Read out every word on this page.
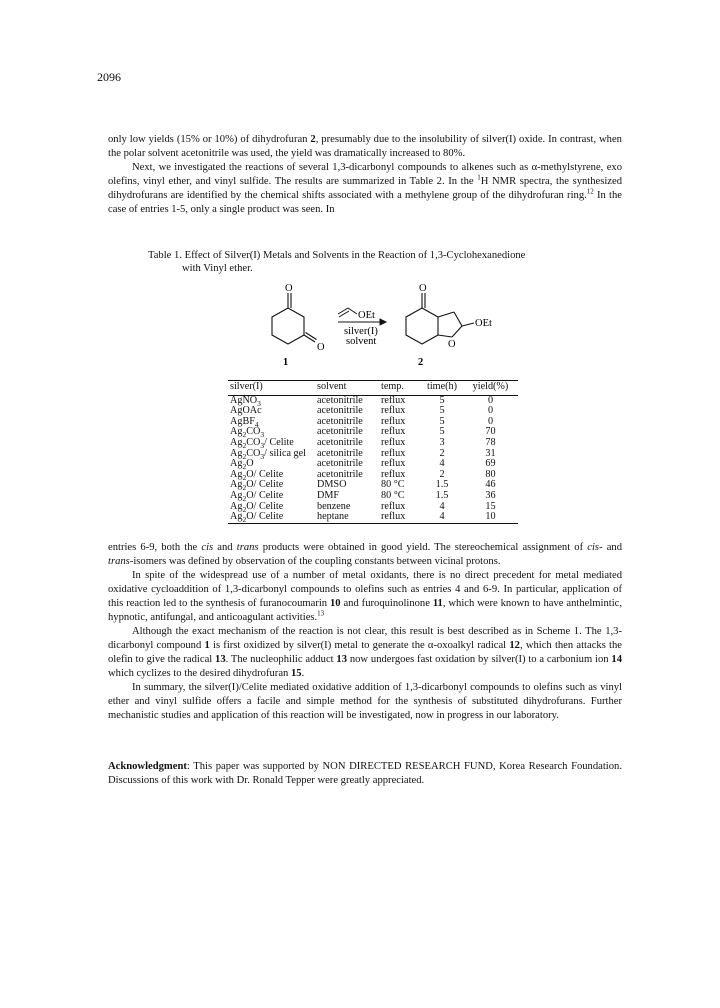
2096

only low yields (15% or 10%) of dihydrofuran 2, presumably due to the insolubility of silver(I) oxide. In contrast, when the polar solvent acetonitrile was used, the yield was dramatically increased to 80%.

Next, we investigated the reactions of several 1,3-dicarbonyl compounds to alkenes such as α-methylstyrene, exo olefins, vinyl ether, and vinyl sulfide. The results are summarized in Table 2. In the $^1$H NMR spectra, the synthesized dihydrofurans are identified by the chemical shifts associated with a methylene group of the dihydrofuran ring.$^{12}$ In the case of entries 1-5, only a single product was seen. In

Table 1. Effect of Silver(I) Metals and Solvents in the Reaction of 1,3-Cyclohexanedione
with Vinyl ether.
O
O
1
OEt
silver(I)
solvent
O
O
OEt
2
silver(I)	solvent	temp.	time(h)	yield(%)
AgNO$_3$	acetonitrile	reflux	5	0
AgOAc	acetonitrile	reflux	5	0
AgBF$_4$	acetonitrile	reflux	5	0
$Ag_2CO_3$	acetonitrile	reflux	5	70
$Ag_2CO_3/$ Celite	acetonitrile	reflux	3	78
$Ag_2CO_3/$ silica gel	acetonitrile	reflux	2	31
$Ag_2O$	acetonitrile	reflux	4	69
$Ag_2O/$ Celite	acetonitrile	reflux	2	80
$Ag_2O/$ Celite	DMSO	80 °C	1.5	46
$Ag_2O/$ Celite	DMF	80 °C	1.5	36
$Ag_2O/$ Celite	benzene	reflux	4	15
$Ag_2O/$ Celite	heptane	reflux	4	10

entries 6-9, both the cis and trans products were obtained in good yield. The stereochemical assignment of cis- and trans-isomers was defined by observation of the coupling constants between vicinal protons.

In spite of the widespread use of a number of metal oxidants, there is no direct precedent for metal mediated oxidative cycloaddition of 1,3-dicarbonyl compounds to olefins such as entries 4 and 6-9. In particular, application of this reaction led to the synthesis of furanocoumarin 10 and furoquinolinone 11, which were known to have anthelmintic, hypnotic, antifungal, and anticoagulant activities.$^{13}$

Although the exact mechanism of the reaction is not clear, this result is best described as in Scheme 1. The 1,3-dicarbonyl compound 1 is first oxidized by silver(I) metal to generate the α-oxoalkyl radical 12, which then attacks the olefin to give the radical 13. The nucleophilic adduct 13 now undergoes fast oxidation by silver(I) to a carbonium ion 14 which cyclizes to the desired dihydrofuran 15.

In summary, the silver(I)/Celite mediated oxidative addition of 1,3-dicarbonyl compounds to olefins such as vinyl ether and vinyl sulfide offers a facile and simple method for the synthesis of substituted dihydrofurans. Further mechanistic studies and application of this reaction will be investigated, now in progress in our laboratory.

Acknowledgment: This paper was supported by NON DIRECTED RESEARCH FUND, Korea Research Foundation. Discussions of this work with Dr. Ronald Tepper were greatly appreciated.
